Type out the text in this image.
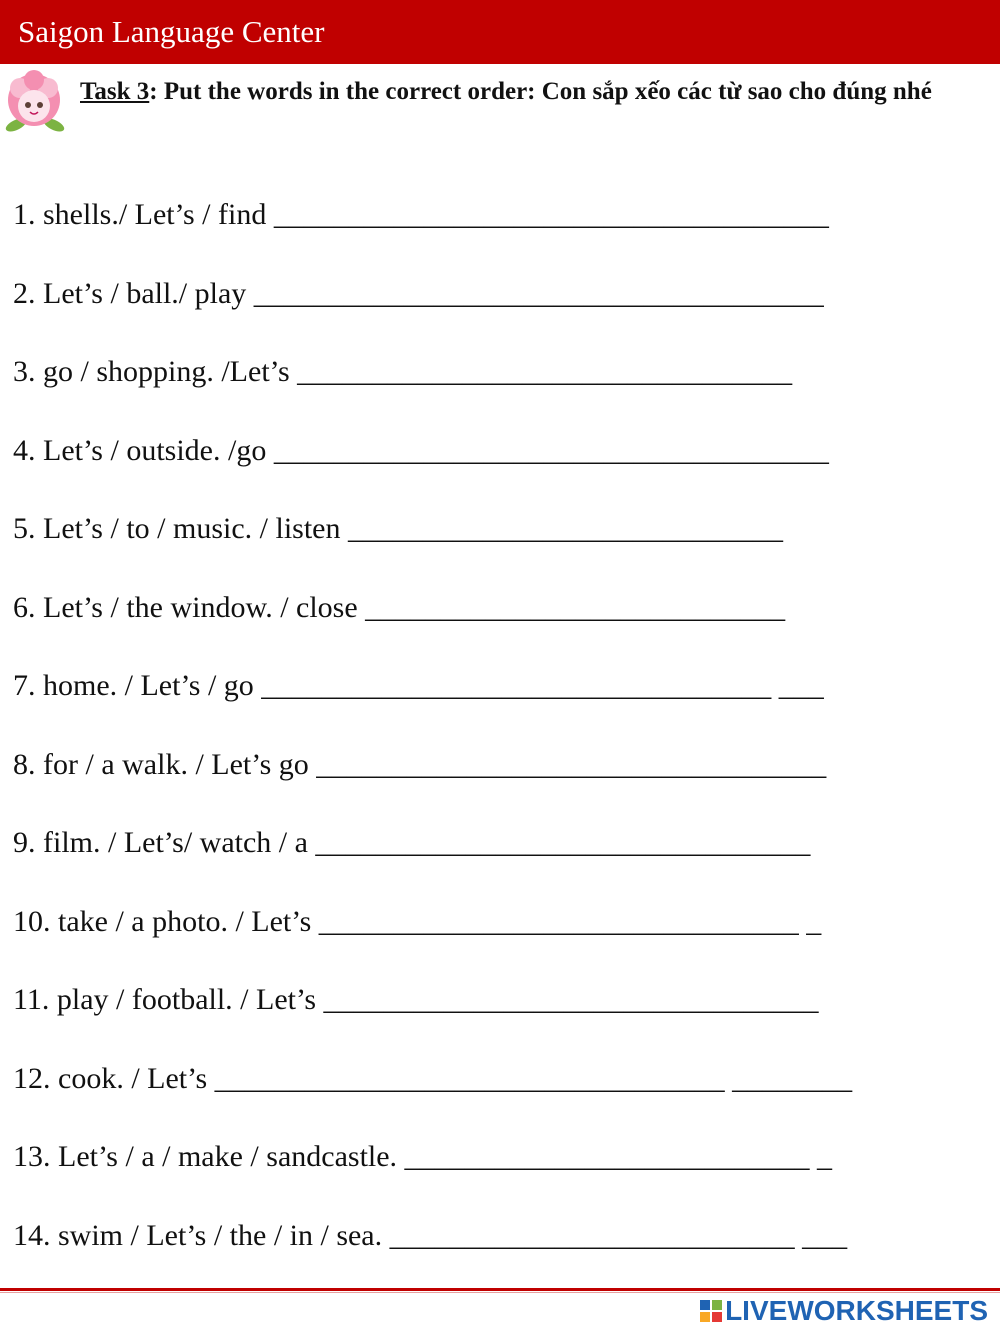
Saigon Language Center
Task 3: Put the words in the correct order: Con sắp xếo các từ sao cho đúng nhé
1. shells./ Let’s / find _____________________________________
2. Let’s / ball./ play ______________________________________
3. go / shopping. /Let’s _________________________________
4. Let’s / outside. /go _____________________________________
5. Let’s / to / music. / listen _____________________________
6. Let’s / the window. / close ____________________________
7. home. / Let’s / go __________________________________ ___
8. for / a walk. / Let’s go __________________________________
9. film. / Let’s/ watch / a _________________________________
10. take / a photo. / Let’s ________________________________ _
11. play / football. / Let’s _________________________________
12. cook. / Let’s __________________________________ ________
13. Let’s / a / make / sandcastle. ___________________________ _
14. swim / Let’s / the / in / sea. ___________________________ ___
LIVEWORKSHEETS
